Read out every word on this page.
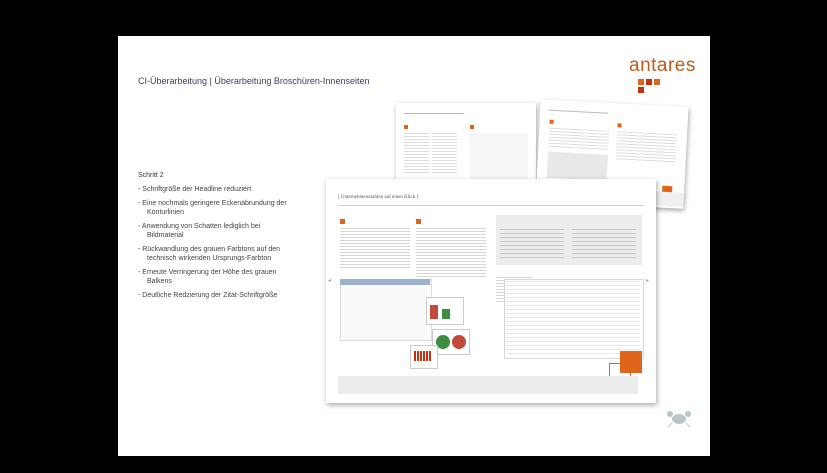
CI-Überarbeitung | Überarbeitung Broschüren-Innenseiten
antares
Schritt 2
- Schriftgröße der Headline reduziert
- Eine nochmals geringere Eckenabrundung der Konturlinien
- Anwendung von Schatten lediglich bei Bildmaterial
- Rückwandlung des grauen Farbtons auf den technisch wirkenden Ursprungs-Farbton
- Erneute Verringerung der Höhe des grauen Balkens
- Deutliche Redzierung der Zitat-Schriftgröße
[ Unternehmenszahlen auf einen Klick ]
◂	▸
